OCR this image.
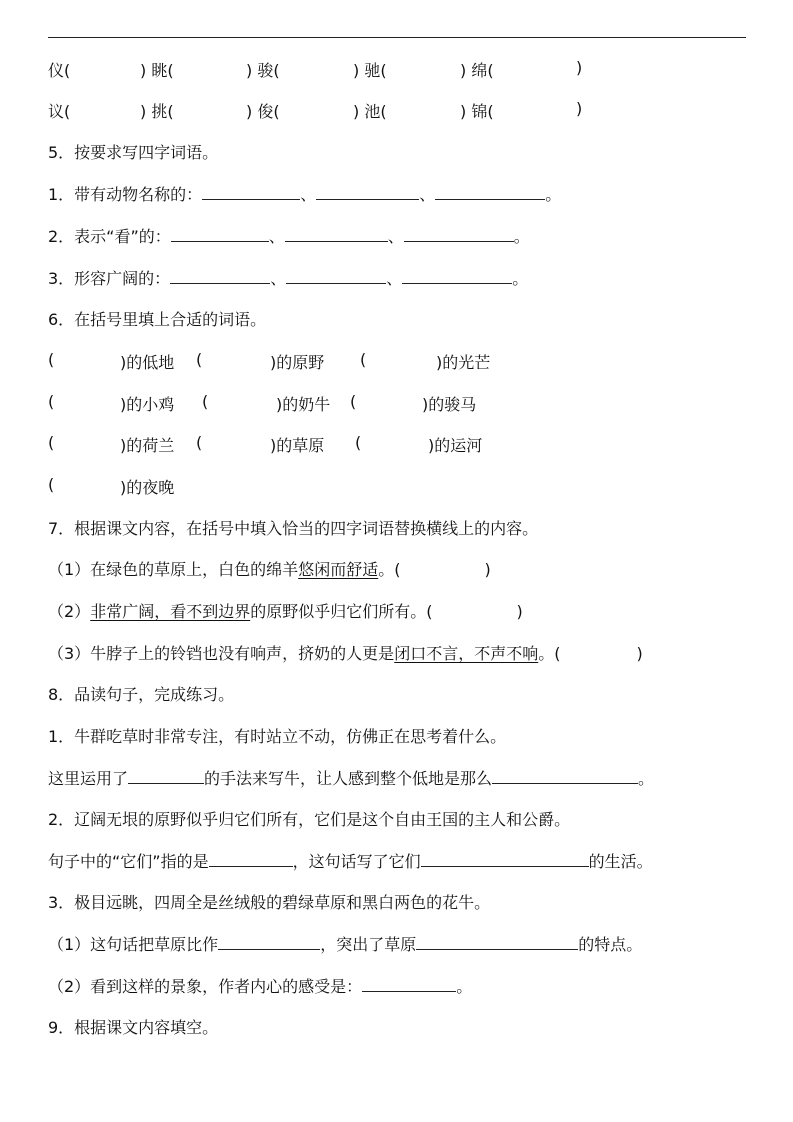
仪(	) 眺(	) 骏(	) 驰(	) 绵(	)
议(	) 挑(	) 俊(	) 池(	) 锦(	)
5．按要求写四字词语。
1．带有动物名称的：	、	、	。
2．表示“看”的：	、	、	。
3．形容广阔的：	、	、	。
6．在括号里填上合适的词语。
(	)的低地 (	)的原野 (	)的光芒
(	)的小鸡 (	)的奶牛 (	)的骏马
(	)的荷兰 (	)的草原 (	)的运河
(	)的夜晚
7．根据课文内容，在括号中填入恰当的四字词语替换横线上的内容。
（1）在绿色的草原上，白色的绵羊悠闲而舒适。(	)
（2）非常广阔，看不到边界的原野似乎归它们所有。(	)
（3）牛脖子上的铃铛也没有响声，挤奶的人更是闭口不言，不声不响。(	)
8．品读句子，完成练习。
1．牛群吃草时非常专注，有时站立不动，仿佛正在思考着什么。
这里运用了	的手法来写牛，让人感到整个低地是那么	。
2．辽阔无垠的原野似乎归它们所有，它们是这个自由王国的主人和公爵。
句子中的“它们”指的是	，这句话写了它们	的生活。
3．极目远眺，四周全是丝绒般的碧绿草原和黑白两色的花牛。
（1）这句话把草原比作	，突出了草原	的特点。
（2）看到这样的景象，作者内心的感受是：	。
9．根据课文内容填空。
